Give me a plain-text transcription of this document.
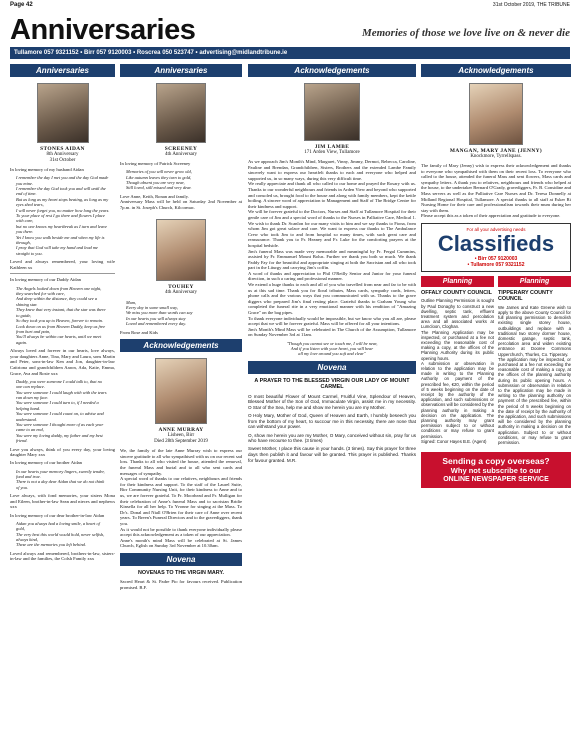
Page 42	31st October 2019, THE TRIBUNE
Anniversaries	Memories of those we love live on & never die
Tullamore 057 9321152 • Birr 057 9120003 • Roscrea 050 523747 • advertising@midlandtribune.ie
Anniversaries
STONES AIDAN
8th Anniversary
31st October

In loving memory of my husband Aidan

I remember the day I met you and the day God made
you mine.
I remember the day God took you and will until the
end of time.
But as long as my heart stops beating, as long as my
eyes shed tears,
I will never forget you, no matter how long the years.
To your place of rest I go there and flowers I place
with care,
but no one knows my heartbreak as I turn and leave
you there.
Yet I know you walk beside me and when my life is
through,
I pray that God will take my hand and lead me
straight to you.

Loved and always remembered, your loving wife Kathleen xx

In loving memory of our Daddy Aidan

The Angels looked down from Heaven one night,
they searched for with care,
And deep within the distance, they could see a
shining star.
They knew that very instant, that the star was there
to guide,
So they took you up to Heaven, forever to remain.
Look down on us from Heaven Daddy, keep us free
from hurt and pain,
You'll always be within our hearts, until we meet
again.

Always loved and forever in our hearts, love always, your daughters Anne, Tina, Mary and Laura, sons Martin and Peter, sons-in-law Ken and Jon, daughter-in-law Caitriona and grandchildren Aaron, Ada, Katie, Emma, Grace, Ava and Rosie xxx

Daddy, you were someone I could talk to, that no
one can replace.
You were someone I could laugh with with the tears
ran down my face.
You were someone I could turn to, if I needed a
helping hand.
You were someone I could count on, to advise and
understand.
You were someone I thought more of as each year
came to an end,
You were my loving daddy, my father and my best
friend.

Love you always, think of you every day, your loving daughter Mary xxx

In loving memory of our brother Aidan

In our hearts your memory lingers, sweetly tender,
fond and true.
There is not a day dear Aidan that we do not think
of you.

Love always, with fond memories, your sisters Mona and Eileen, brother-in-law Sean and nieces and nephews xxx

In loving memory of our dear brother-in-law Aidan

Aidan you always had a loving smile, a heart of
gold,
The very best this world would hold, never selfish,
always kind,
These are the memories you left behind.

Loved always and remembered, brothers-in-law, sisters-in-law and the families, the Colsh Family xxx

Anniversaries
SCREENEY
4th Anniversary

In loving memory of Patrick Screeney

Memories of you will never grow old,
Like autumn leaves they turn to gold,
Though absent you are very near,
Still loved, still missed and very dear.

Love Anne, Keith, Ronan and family.
Anniversary Mass will be held on Saturday 2nd November at 7p.m. in St. Joseph's Church, Kilcormac.

TOUHEY
4th Anniversary
Mum,
Every day in some small way,
We miss you more than words can say
In our hearts you will always stay
Loved and remembered every day.

From Rose and Kids

Acknowledgements
ANNE MURRAY
Lisheen, Birr
Died 28th September 2019

We, the family of the late Anne Murray wish to express our sincere gratitude to all who sympathised with us on our recent sad loss. Thanks to all who visited the house, attended the removal, the funeral Mass and burial and to all who sent cards and messages of sympathy.
A special word of thanks to our relatives, neighbours and friends for their kindness and support. To the staff of the Laurel Suite, Birr Community Nursing Unit, for their kindness to Anne and to us, we are forever grateful. To Fr. Moorhead and Fr. Mulligan for their celebration of Anne's funeral Mass and to sacristan Bridie Kinsella for all her help. To Yvonne for singing at the Mass. To Dr's. Donal and Niall O'Brien for their care of Anne over recent years. To Breen's Funeral Directors and to the gravediggers, thank you.
As it would not be possible to thank everyone individually please accept this acknowledgement as a token of our appreciation.
Anne's month's mind Mass will be celebrated at St. James Church, Eglish on Sunday 3rd November at 10.30am.

Novena
NOVENAS TO THE VIRGIN MARY.

Sacred Heart & St. Padre Pio for favours received. Publication promised. B.F.

Acknowledgements
JIM LAMBE
171 Arden View, Tullamore

As we approach Jim's Month's Mind, Margaret, Vinny, Jimmy, Dermot, Rebecca, Caroline, Pauline and Brendan, Grandchildren, Sisters, Brothers and the extended Lambe Family sincerely want to express our heartfelt thanks to each and everyone who helped and supported us, in so many ways, during this very difficult time.
We really appreciate and thank all who called to our home and prayed the Rosary with us. Thanks to our wonderful neighbours and friends in Arden View and beyond who supported and consoled us, brought food to the house and along with family members, kept the kettle boiling. A sincere word of appreciation to Management and Staff of The Bridge Centre for their kindness and support.
We will be forever grateful to the Doctors, Nurses and Staff at Tullamore Hospital for their gentle care of Jim and a special word of thanks to the Nurses in Palliative Care, Medical 1. We wish to thank Dr. Scanlon for our many visits to him and we say thanks to Fiona, from whom Jim got great solace and care. We want to express our thanks to The Ambulance Crew who took Jim to and from hospital so many times, with such great care and reassurance. Thank you to Fr. Heaney and Fr. Luke for the comforting prayers at the hospital bedside.
Jim's funeral Mass was made very memorable and meaningful by Fr. Fergal Cummins, assisted by Fr. Emmanuel Mount Bolus. Further we thank you both so much. We thank Paddy Fay for the beautiful and appropriate singing at both the Sacristan and all who took part in the Liturgy and carrying Jim's coffin.
A word of thanks and appreciation to Phil O'Reilly Senior and Junior for your funeral direction, in such a caring and professional manner.
We extend a huge thanks to each and all of you who travelled from near and far to be with us at this sad time. Thank you for floral tributes, Mass cards, sympathy cards, letters, phone calls and the various ways that you communicated with us. Thanks to the grave diggers who prepared Jim's final resting place. Grateful thanks to Graham Young who completed the funeral rite in a very emotional manner with his rendition of "Amazing Grace" on the bag pipes.
To thank everyone individually would be impossible, but we know who you all are, please accept that we will be forever grateful. Mass will be offered for all your intentions.
Jim's Month's Mind Mass will be celebrated in The Church of the Assumption, Tullamore on Sunday November 3rd at 11am.

"Though you cannot see or touch me, I will be near,
And if you listen with your heart, you will hear
all my love around you soft and clear"
Novena
A PRAYER TO THE BLESSED VIRGIN OUR LADY OF MOUNT CARMEL

O most beautiful Flower of Mount Carmel, Fruitful Vine, Splendour of Heaven, Blessed Mother of the Son of God, Immaculate Virgin, assist me in my necessity. O Star of the Sea, help me and show me herein you are my Mother.

O Holy Mary, Mother of God, Queen of Heaven and Earth, I humbly beseech you from the bottom of my heart, to succour me in this necessity, there are none that can withstand your power.

O, show me herein you are my Mother, O Mary, conceived without sin, pray for us who have recourse to thee. (3 times)

Sweet Mother, I place this cause in your hands. (3 times). Say this prayer for three days then publish it and favour will be granted. This prayer is published. Thanks for favour granted. M.R.

Acknowledgements
MANGAN, MARY JANE (JENNY)
Knockmore, Tyrrellspass.

The family of Mary (Jenny) wish to express their acknowledgement and thanks to everyone who sympathised with them on their recent loss. To everyone who called to the house, attended the funeral Mass and sent flowers, Mass cards and sympathy letters. A thank you to relatives, neighbours and friends who helped at the house, to the undertaker Bernard O'Grady, gravediggers, Fr. B. Considine and Mass servers as well as the Palliative Care Nurses and Dr. Teresa Donnelly at Midland Regional Hospital, Tullamore. A special thanks to all staff at Esker Ri Nursing Home for their care and professionalism towards their mum during her stay with them.
Please accept this as a token of their appreciation and gratitude to everyone.

For all your advertising needs
Classifieds
• Birr 057 9120003
• Tullamore 057 9321152
Planning
OFFALY COUNTY COUNCIL

Outline Planning Permission is sought by Paul Donaghy to construct a new dwelling, septic tank, effluent treatment system and percolation area and all associated works at Lumcloon, Cloghan.
The Planning Application may be inspected, or purchased at a fee not exceeding the reasonable cost of making a copy, at the offices of the Planning Authority during its public opening hours.
A submission or observation in relation to the application may be made in writing to the Planning Authority on payment of the prescribed fee, €20, within the period of 5 weeks beginning on the date of receipt by the authority of the application, and such submissions or observations will be considered by the planning authority in making a decision on the application. The planning authority may grant permission subject to or without conditions or may refuse to grant permission.
Signed: Conor Hayes B.E. (Agent)

Planning
TIPPERARY COUNTY COUNCIL

We James and Kate Greene wish to apply to the above County Council for full planning permission to demolish existing single storey house, outbuildings and replace with a traditional two storey dormer house, domestic garage, septic tank, percolation area and widen existing entrance at Dooree Commons Upperchurch, Thurles, Co. Tipperary.
The application may be inspected, or purchased at a fee not exceeding the reasonable cost of making a copy, at the offices of the planning authority during its public opening hours. A submission or observation in relation to the application may be made in writing to the planning authority on payment of the prescribed fee, within the period of 5 weeks beginning on the date of receipt by the authority of the application, and such submissions will be considered by the planning authority in making a decision on the application. Subject to or without conditions, or may refuse to grant permission.

Sending a copy overseas?
Why not subscribe to our
ONLINE NEWSPAPER SERVICE
